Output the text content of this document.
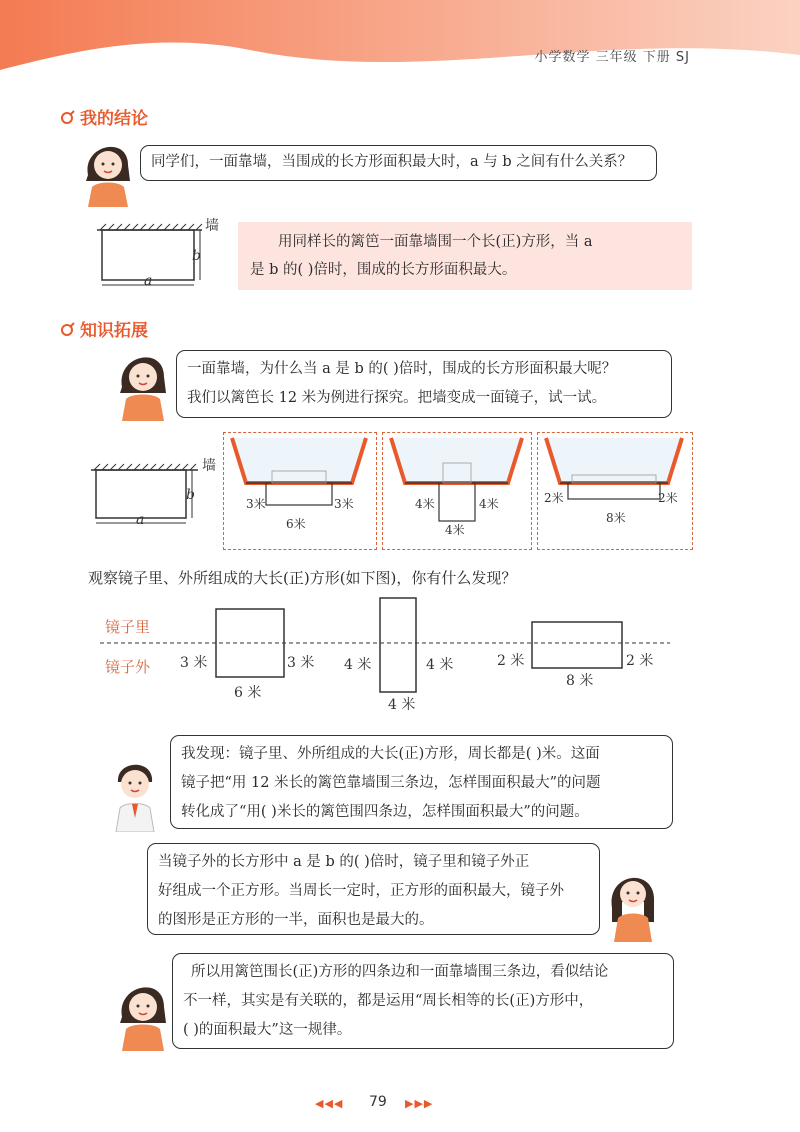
小学数学 三年级 下册 SJ
我的结论
同学们，一面靠墙，当围成的长方形面积最大时，a 与 b 之间有什么关系？
墙
a
b
用同样长的篱笆一面靠墙围一个长(正)方形，当 a
是 b 的( )倍时，围成的长方形面积最大。
知识拓展
一面靠墙，为什么当 a 是 b 的( )倍时，围成的长方形面积最大呢？
我们以篱笆长 12 米为例进行探究。把墙变成一面镜子，试一试。
墙
a
b
3米	3米
6米
4米	4米
4米
2米	2米
8米
观察镜子里、外所组成的大长(正)方形(如下图)，你有什么发现？
镜子里
镜子外 3 米	3 米
6 米
4 米	4 米
4 米
2 米	2 米
8 米
我发现：镜子里、外所组成的大长(正)方形，周长都是( )米。这面
镜子把“用 12 米长的篱笆靠墙围三条边，怎样围面积最大”的问题
转化成了“用( )米长的篱笆围四条边，怎样围面积最大”的问题。
当镜子外的长方形中 a 是 b 的( )倍时，镜子里和镜子外正
好组成一个正方形。当周长一定时，正方形的面积最大，镜子外
的图形是正方形的一半，面积也是最大的。
所以用篱笆围长(正)方形的四条边和一面靠墙围三条边，看似结论
不一样，其实是有关联的，都是运用“周长相等的长(正)方形中，
( )的面积最大”这一规律。
◀◀◀ 79 ▶▶▶
